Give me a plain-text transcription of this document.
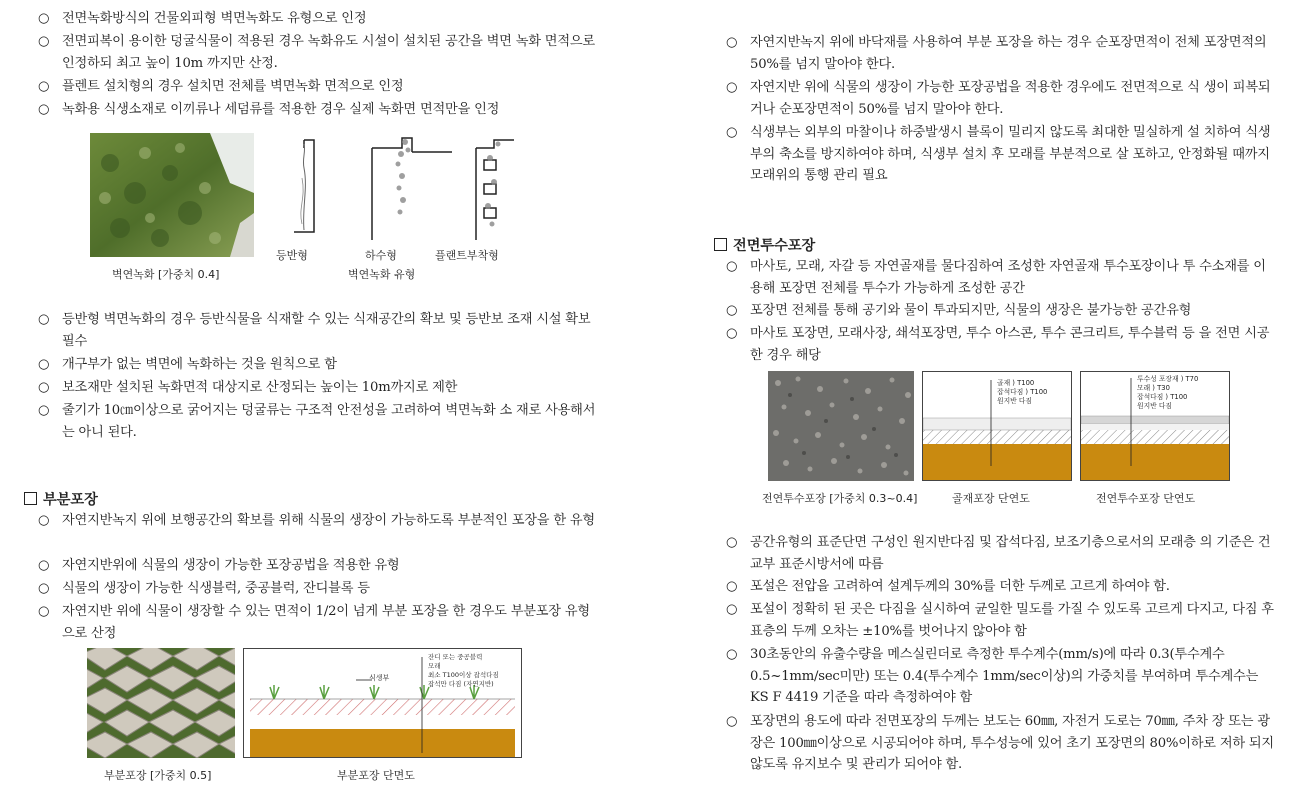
○ 전면녹화방식의 건물외피형 벽면녹화도 유형으로 인정
○ 전면피복이 용이한 덩굴식물이 적용된 경우 녹화유도 시설이 설치된 공간을 벽면 녹화 면적으로 인정하되 최고 높이 10m 까지만 산정.
○ 플렌트 설치형의 경우 설치면 전체를 벽면녹화 면적으로 인정
○ 녹화용 식생소재로 이끼류나 세덤류를 적용한 경우 실제 녹화면 면적만을 인정
등반형	하수형	플랜트부착형
벽연녹화 [가중치 0.4]	벽연녹화 유형
○ 등반형 벽면녹화의 경우 등반식물을 식재할 수 있는 식재공간의 확보 및 등반보 조재 시설 확보 필수
○ 개구부가 없는 벽면에 녹화하는 것을 원칙으로 함
○ 보조재만 설치된 녹화면적 대상지로 산정되는 높이는 10m까지로 제한
○ 줄기가 10㎝이상으로 굵어지는 덩굴류는 구조적 안전성을 고려하여 벽면녹화 소 재로 사용해서는 아니 된다.
부분포장
○ 자연지반녹지 위에 보행공간의 확보를 위해 식물의 생장이 가능하도록 부분적인 포장을 한 유형
○ 자연지반위에 식물의 생장이 가능한 포장공법을 적용한 유형
○ 식물의 생장이 가능한 식생블럭, 중공블럭, 잔디블록 등
○ 자연지반 위에 식물이 생장할 수 있는 면적이 1/2이 넘게 부분 포장을 한 경우도 부분포장 유형으로 산정
식생부
잔디 또는 중공블력
모래
최소 T100이상 잡석다짐
잡석만 다짐 (자연지반)
부분포장 [가중치 0.5]	부분포장 단면도
○ 자연지반녹지 위에 바닥재를 사용하여 부분 포장을 하는 경우 순포장면적이 전체 포장면적의 50%를 넘지 말아야 한다.
○ 자연지반 위에 식물의 생장이 가능한 포장공법을 적용한 경우에도 전면적으로 식 생이 피복되거나 순포장면적이 50%를 넘지 말아야 한다.
○ 식생부는 외부의 마찰이나 하중발생시 블록이 밀리지 않도록 최대한 밀실하게 설 치하여 식생부의 축소를 방지하여야 하며, 식생부 설치 후 모래를 부분적으로 살 포하고, 안정화될 때까지 모래위의 통행 관리 필요
전면투수포장
○ 마사토, 모래, 자갈 등 자연골재를 물다짐하여 조성한 자연골재 투수포장이나 투 수소재를 이용해 포장면 전체를 투수가 가능하게 조성한 공간
○ 포장면 전체를 통해 공기와 물이 투과되지만, 식물의 생장은 불가능한 공간유형
○ 마사토 포장면, 모래사장, 쇄석포장면, 투수 아스콘, 투수 콘크리트, 투수블럭 등 을 전면 시공한 경우 해당
골재 ) T100
잡석다짐 ) T100
원지반 다짐
투수성 포장재 ) T70
모래 ) T30
잡석다짐 ) T100
원지반 다짐
전연투수포장 [가중치 0.3~0.4]	골재포장 단연도	전연투수포장 단연도
○ 공간유형의 표준단면 구성인 원지반다짐 및 잡석다짐, 보조기층으로서의 모래층 의 기준은 건교부 표준시방서에 따름
○ 포설은 전압을 고려하여 설계두께의 30%를 더한 두께로 고르게 하여야 함.
○ 포설이 정확히 된 곳은 다짐을 실시하여 균일한 밀도를 가질 수 있도록 고르게 다지고, 다짐 후 표층의 두께 오차는 ±10%를 벗어나지 않아야 함
○ 30초동안의 유출수량을 메스실린더로 측정한 투수계수(mm/s)에 따라 0.3(투수계수 0.5~1mm/sec미만) 또는 0.4(투수계수 1mm/sec이상)의 가중치를 부여하며 투수계수는 KS F 4419 기준을 따라 측정하여야 함
○ 포장면의 용도에 따라 전면포장의 두께는 보도는 60㎜, 자전거 도로는 70㎜, 주차 장 또는 광장은 100㎜이상으로 시공되어야 하며, 투수성능에 있어 초기 포장면의 80%이하로 저하 되지 않도록 유지보수 및 관리가 되어야 함.
